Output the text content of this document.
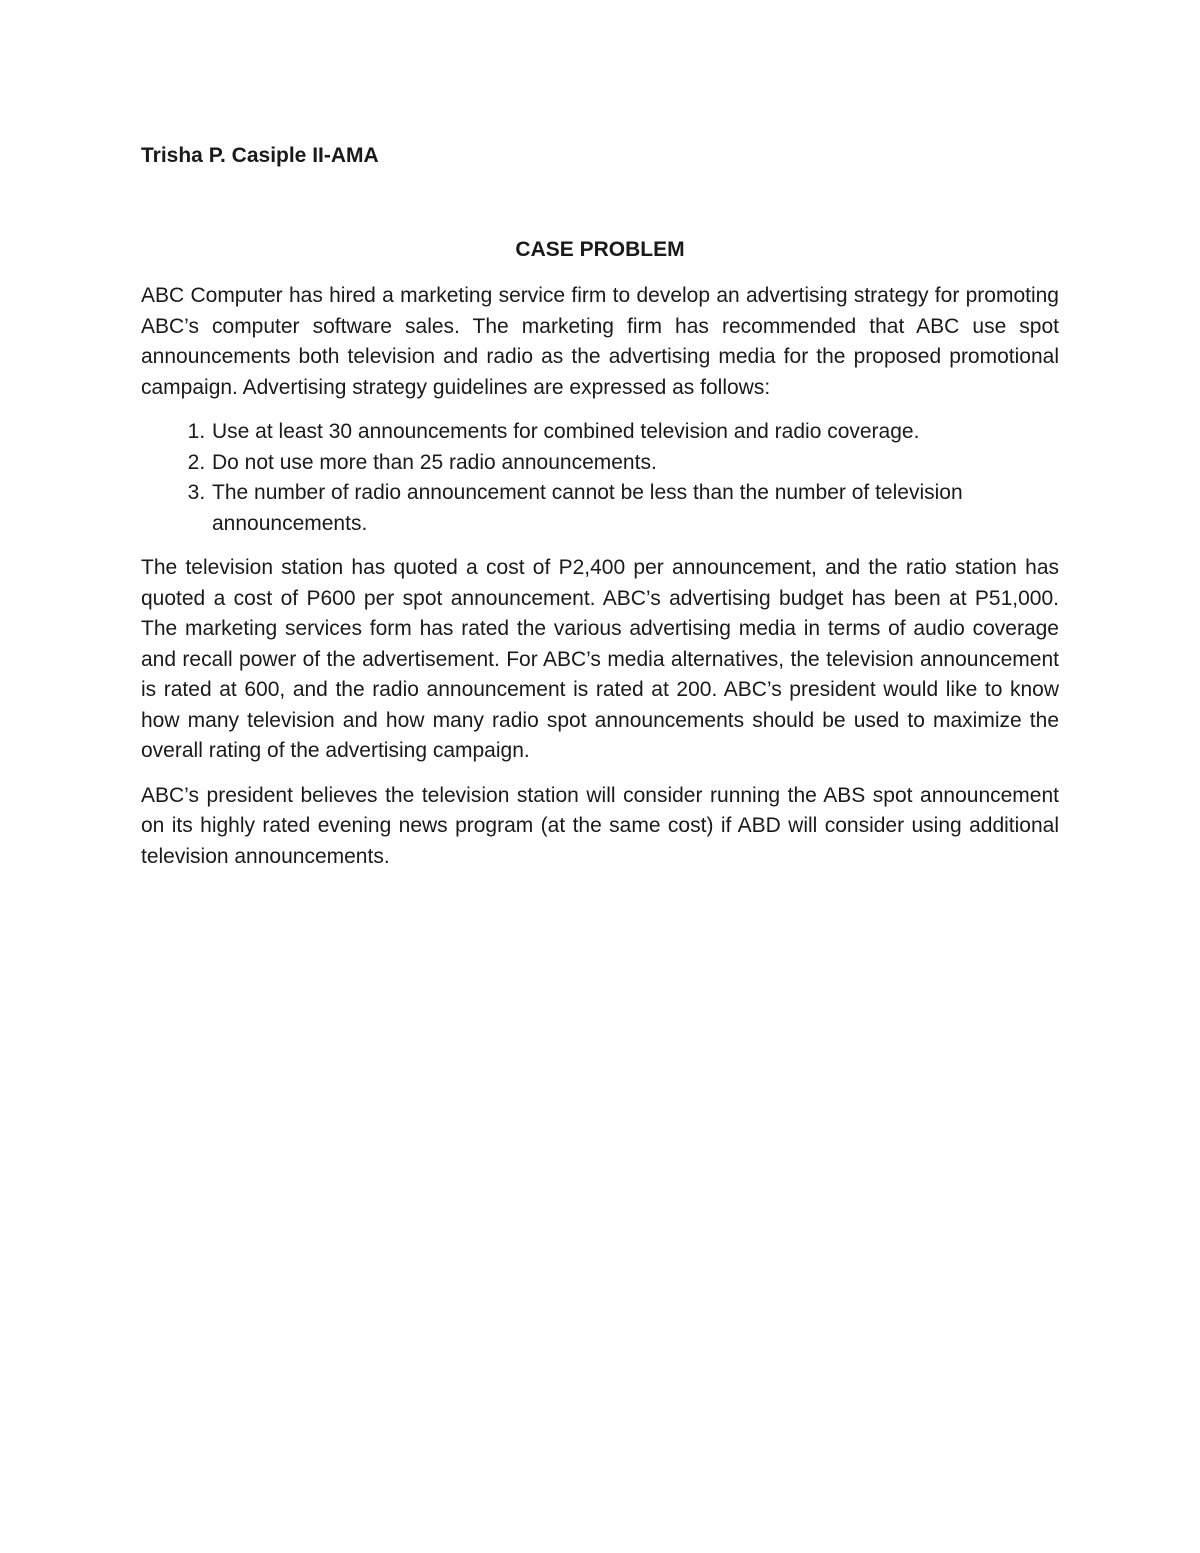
Trisha P. Casiple II-AMA
CASE PROBLEM

ABC Computer has hired a marketing service firm to develop an advertising strategy for promoting ABC’s computer software sales. The marketing firm has recommended that ABC use spot announcements both television and radio as the advertising media for the proposed promotional campaign. Advertising strategy guidelines are expressed as follows:

1. Use at least 30 announcements for combined television and radio coverage.
2. Do not use more than 25 radio announcements.
3. The number of radio announcement cannot be less than the number of television announcements.

The television station has quoted a cost of P2,400 per announcement, and the ratio station has quoted a cost of P600 per spot announcement. ABC’s advertising budget has been at P51,000. The marketing services form has rated the various advertising media in terms of audio coverage and recall power of the advertisement. For ABC’s media alternatives, the television announcement is rated at 600, and the radio announcement is rated at 200. ABC’s president would like to know how many television and how many radio spot announcements should be used to maximize the overall rating of the advertising campaign.

ABC’s president believes the television station will consider running the ABS spot announcement on its highly rated evening news program (at the same cost) if ABD will consider using additional television announcements.
